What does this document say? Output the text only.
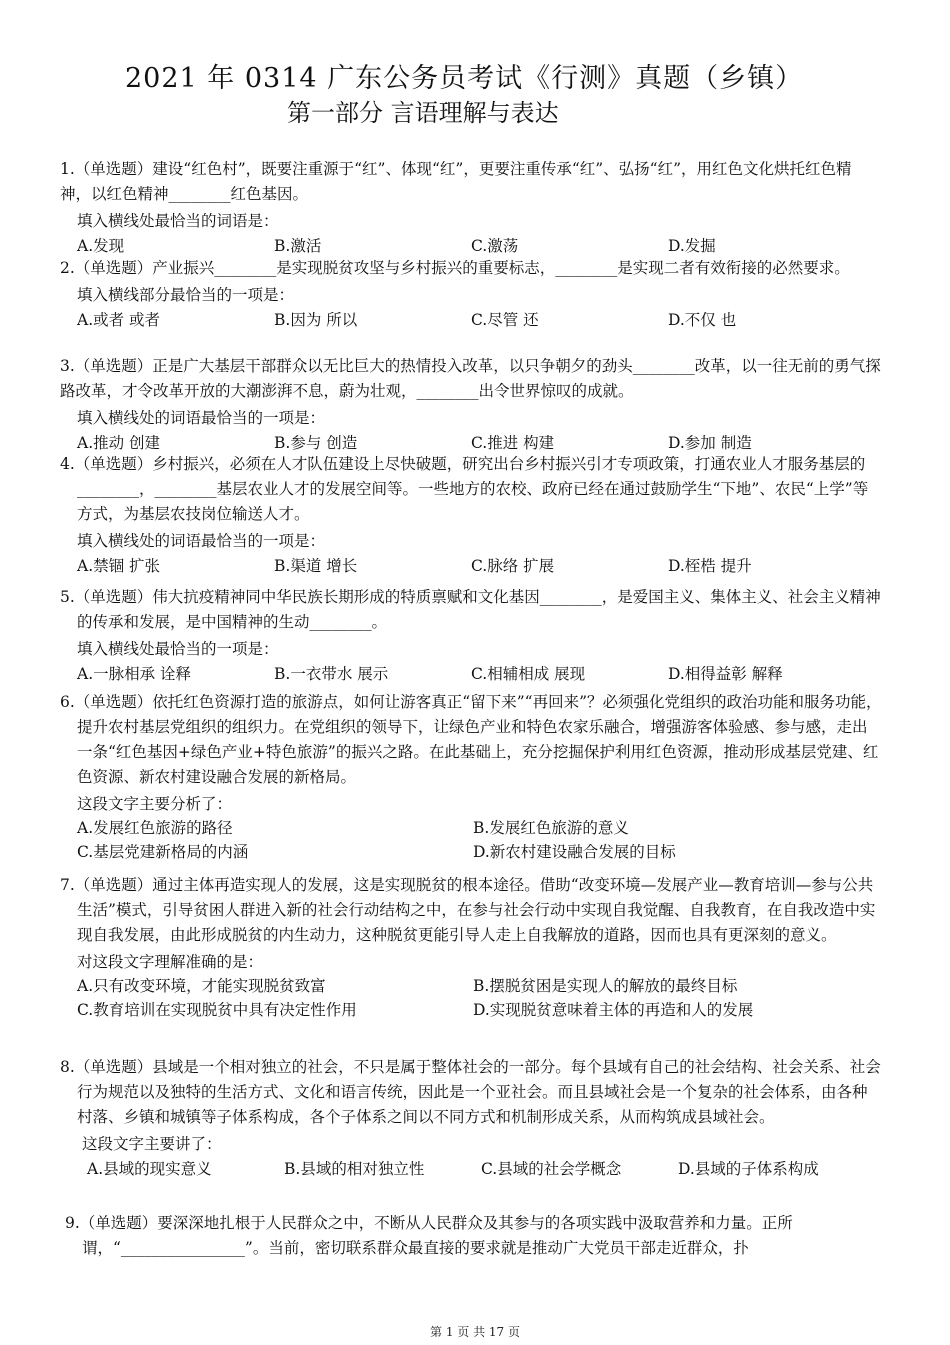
2021 年 0314 广东公务员考试《行测》真题（乡镇）
第一部分 言语理解与表达
1.（单选题）建设“红色村”，既要注重源于“红”、体现“红”，更要注重传承“红”、弘扬“红”，用红色文化烘托红色精神，以红色精神________红色基因。
填入横线处最恰当的词语是：
A.发现	B.激活	C.激荡	D.发掘
2.（单选题）产业振兴________是实现脱贫攻坚与乡村振兴的重要标志，________是实现二者有效衔接的必然要求。
填入横线部分最恰当的一项是：
A.或者 或者	B.因为 所以	C.尽管 还	D.不仅 也
3.（单选题）正是广大基层干部群众以无比巨大的热情投入改革，以只争朝夕的劲头________改革，以一往无前的勇气探路改革，才令改革开放的大潮澎湃不息，蔚为壮观，________出令世界惊叹的成就。
填入横线处的词语最恰当的一项是：
A.推动 创建	B.参与 创造	C.推进 构建	D.参加 制造
4.（单选题）乡村振兴，必须在人才队伍建设上尽快破题，研究出台乡村振兴引才专项政策，打通农业人才服务基层的________，________基层农业人才的发展空间等。一些地方的农校、政府已经在通过鼓励学生“下地”、农民“上学”等方式，为基层农技岗位输送人才。
填入横线处的词语最恰当的一项是：
A.禁锢 扩张	B.渠道 增长	C.脉络 扩展	D.桎梏 提升
5.（单选题）伟大抗疫精神同中华民族长期形成的特质禀赋和文化基因________，是爱国主义、集体主义、社会主义精神的传承和发展，是中国精神的生动________。
填入横线处最恰当的一项是：
A.一脉相承 诠释	B.一衣带水 展示	C.相辅相成 展现	D.相得益彰 解释
6.（单选题）依托红色资源打造的旅游点，如何让游客真正“留下来”“再回来”？必须强化党组织的政治功能和服务功能，提升农村基层党组织的组织力。在党组织的领导下，让绿色产业和特色农家乐融合，增强游客体验感、参与感，走出一条“红色基因+绿色产业+特色旅游”的振兴之路。在此基础上，充分挖掘保护利用红色资源，推动形成基层党建、红色资源、新农村建设融合发展的新格局。
这段文字主要分析了：
A.发展红色旅游的路径	B.发展红色旅游的意义
C.基层党建新格局的内涵	D.新农村建设融合发展的目标
7.（单选题）通过主体再造实现人的发展，这是实现脱贫的根本途径。借助“改变环境—发展产业—教育培训—参与公共生活”模式，引导贫困人群进入新的社会行动结构之中，在参与社会行动中实现自我觉醒、自我教育，在自我改造中实现自我发展，由此形成脱贫的内生动力，这种脱贫更能引导人走上自我解放的道路，因而也具有更深刻的意义。
对这段文字理解准确的是：
A.只有改变环境，才能实现脱贫致富	B.摆脱贫困是实现人的解放的最终目标
C.教育培训在实现脱贫中具有决定性作用	D.实现脱贫意味着主体的再造和人的发展
8.（单选题）县域是一个相对独立的社会，不只是属于整体社会的一部分。每个县域有自己的社会结构、社会关系、社会行为规范以及独特的生活方式、文化和语言传统，因此是一个亚社会。而且县域社会是一个复杂的社会体系，由各种村落、乡镇和城镇等子体系构成，各个子体系之间以不同方式和机制形成关系，从而构筑成县域社会。
这段文字主要讲了：
A.县域的现实意义	B.县域的相对独立性	C.县域的社会学概念	D.县域的子体系构成
9.（单选题）要深深地扎根于人民群众之中，不断从人民群众及其参与的各项实践中汲取营养和力量。正所谓，“________________”。当前，密切联系群众最直接的要求就是推动广大党员干部走近群众，扑
第 1 页 共 17 页
